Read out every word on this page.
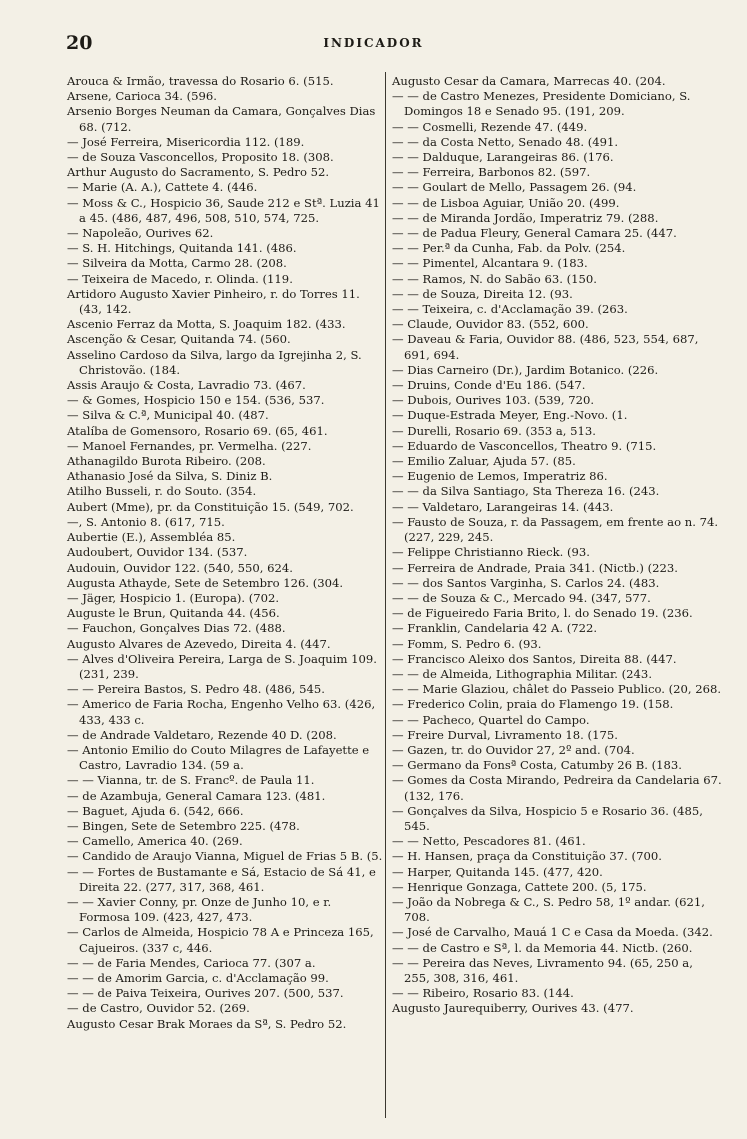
20	INDICADOR
Arouca & Irmão, travessa do Rosario 6. (515.
Arsene, Carioca 34. (596.
Arsenio Borges Neuman da Camara, Gonçalves Dias 68. (712.
— José Ferreira, Misericordia 112. (189.
— de Souza Vasconcellos, Proposito 18. (308.
Arthur Augusto do Sacramento, S. Pedro 52.
— Marie (A. A.), Cattete 4. (446.
— Moss & C., Hospicio 36, Saude 212 e Stª. Luzia 41 a 45. (486, 487, 496, 508, 510, 574, 725.
— Napoleão, Ourives 62.
— S. H. Hitchings, Quitanda 141. (486.
— Silveira da Motta, Carmo 28. (208.
— Teixeira de Macedo, r. Olinda. (119.
Artidoro Augusto Xavier Pinheiro, r. do Torres 11. (43, 142.
Ascenio Ferraz da Motta, S. Joaquim 182. (433.
Ascenção & Cesar, Quitanda 74. (560.
Asselino Cardoso da Silva, largo da Igrejinha 2, S. Christovão. (184.
Assis Araujo & Costa, Lavradio 73. (467.
— & Gomes, Hospicio 150 e 154. (536, 537.
— Silva & C.ª, Municipal 40. (487.
Atalíba de Gomensoro, Rosario 69. (65, 461.
— Manoel Fernandes, pr. Vermelha. (227.
Athanagildo Burota Ribeiro. (208.
Athanasio José da Silva, S. Diniz B.
Atilho Busseli, r. do Souto. (354.
Aubert (Mme), pr. da Constituição 15. (549, 702.
—, S. Antonio 8. (617, 715.
Aubertie (E.), Assembléa 85.
Audoubert, Ouvidor 134. (537.
Audouin, Ouvidor 122. (540, 550, 624.
Augusta Athayde, Sete de Setembro 126. (304.
— Jäger, Hospicio 1. (Europa). (702.
Auguste le Brun, Quitanda 44. (456.
— Fauchon, Gonçalves Dias 72. (488.
Augusto Alvares de Azevedo, Direita 4. (447.
— Alves d'Oliveira Pereira, Larga de S. Joaquim 109. (231, 239.
— — Pereira Bastos, S. Pedro 48. (486, 545.
— Americo de Faria Rocha, Engenho Velho 63. (426, 433, 433 c.
— de Andrade Valdetaro, Rezende 40 D. (208.
— Antonio Emilio do Couto Milagres de Lafayette e Castro, Lavradio 134. (59 a.
— — Vianna, tr. de S. Francº. de Paula 11.
— de Azambuja, General Camara 123. (481.
— Baguet, Ajuda 6. (542, 666.
— Bingen, Sete de Setembro 225. (478.
— Camello, America 40. (269.
— Candido de Araujo Vianna, Miguel de Frias 5 B. (5.
— — Fortes de Bustamante e Sá, Estacio de Sá 41, e Direita 22. (277, 317, 368, 461.
— — Xavier Conny, pr. Onze de Junho 10, e r. Formosa 109. (423, 427, 473.
— Carlos de Almeida, Hospicio 78 A e Princeza 165, Cajueiros. (337 c, 446.
— — de Faria Mendes, Carioca 77. (307 a.
— — de Amorim Garcia, c. d'Acclamação 99.
— — de Paiva Teixeira, Ourives 207. (500, 537.
— de Castro, Ouvidor 52. (269.
Augusto Cesar Brak Moraes da Sª, S. Pedro 52.
Augusto Cesar da Camara, Marrecas 40. (204.
— — de Castro Menezes, Presidente Domiciano, S. Domingos 18 e Senado 95. (191, 209.
— — Cosmelli, Rezende 47. (449.
— — da Costa Netto, Senado 48. (491.
— — Dalduque, Larangeiras 86. (176.
— — Ferreira, Barbonos 82. (597.
— — Goulart de Mello, Passagem 26. (94.
— — de Lisboa Aguiar, União 20. (499.
— — de Miranda Jordão, Imperatriz 79. (288.
— — de Padua Fleury, General Camara 25. (447.
— — Per.ª da Cunha, Fab. da Polv. (254.
— — Pimentel, Alcantara 9. (183.
— — Ramos, N. do Sabão 63. (150.
— — de Souza, Direita 12. (93.
— — Teixeira, c. d'Acclamação 39. (263.
— Claude, Ouvidor 83. (552, 600.
— Daveau & Faria, Ouvidor 88. (486, 523, 554, 687, 691, 694.
— Dias Carneiro (Dr.), Jardim Botanico. (226.
— Druins, Conde d'Eu 186. (547.
— Dubois, Ourives 103. (539, 720.
— Duque-Estrada Meyer, Eng.-Novo. (1.
— Durelli, Rosario 69. (353 a, 513.
— Eduardo de Vasconcellos, Theatro 9. (715.
— Emilio Zaluar, Ajuda 57. (85.
— Eugenio de Lemos, Imperatriz 86.
— — da Silva Santiago, Sta Thereza 16. (243.
— — Valdetaro, Larangeiras 14. (443.
— Fausto de Souza, r. da Passagem, em frente ao n. 74. (227, 229, 245.
— Felippe Christianno Rieck. (93.
— Ferreira de Andrade, Praia 341. (Nictb.) (223.
— — dos Santos Varginha, S. Carlos 24. (483.
— — de Souza & C., Mercado 94. (347, 577.
— de Figueiredo Faria Brito, l. do Senado 19. (236.
— Franklin, Candelaria 42 A. (722.
— Fomm, S. Pedro 6. (93.
— Francisco Aleixo dos Santos, Direita 88. (447.
— — de Almeida, Lithographia Militar. (243.
— — Marie Glaziou, châlet do Passeio Publico. (20, 268.
— Frederico Colin, praia do Flamengo 19. (158.
— — Pacheco, Quartel do Campo.
— Freire Durval, Livramento 18. (175.
— Gazen, tr. do Ouvidor 27, 2º and. (704.
— Germano da Fonsª Costa, Catumby 26 B. (183.
— Gomes da Costa Mirando, Pedreira da Candelaria 67. (132, 176.
— Gonçalves da Silva, Hospicio 5 e Rosario 36. (485, 545.
— — Netto, Pescadores 81. (461.
— H. Hansen, praça da Constituição 37. (700.
— Harper, Quitanda 145. (477, 420.
— Henrique Gonzaga, Cattete 200. (5, 175.
— João da Nobrega & C., S. Pedro 58, 1º andar. (621, 708.
— José de Carvalho, Mauá 1 C e Casa da Moeda. (342.
— — de Castro e Sª, l. da Memoria 44. Nictb. (260.
— — Pereira das Neves, Livramento 94. (65, 250 a, 255, 308, 316, 461.
— — Ribeiro, Rosario 83. (144.
Augusto Jaurequiberry, Ourives 43. (477.
